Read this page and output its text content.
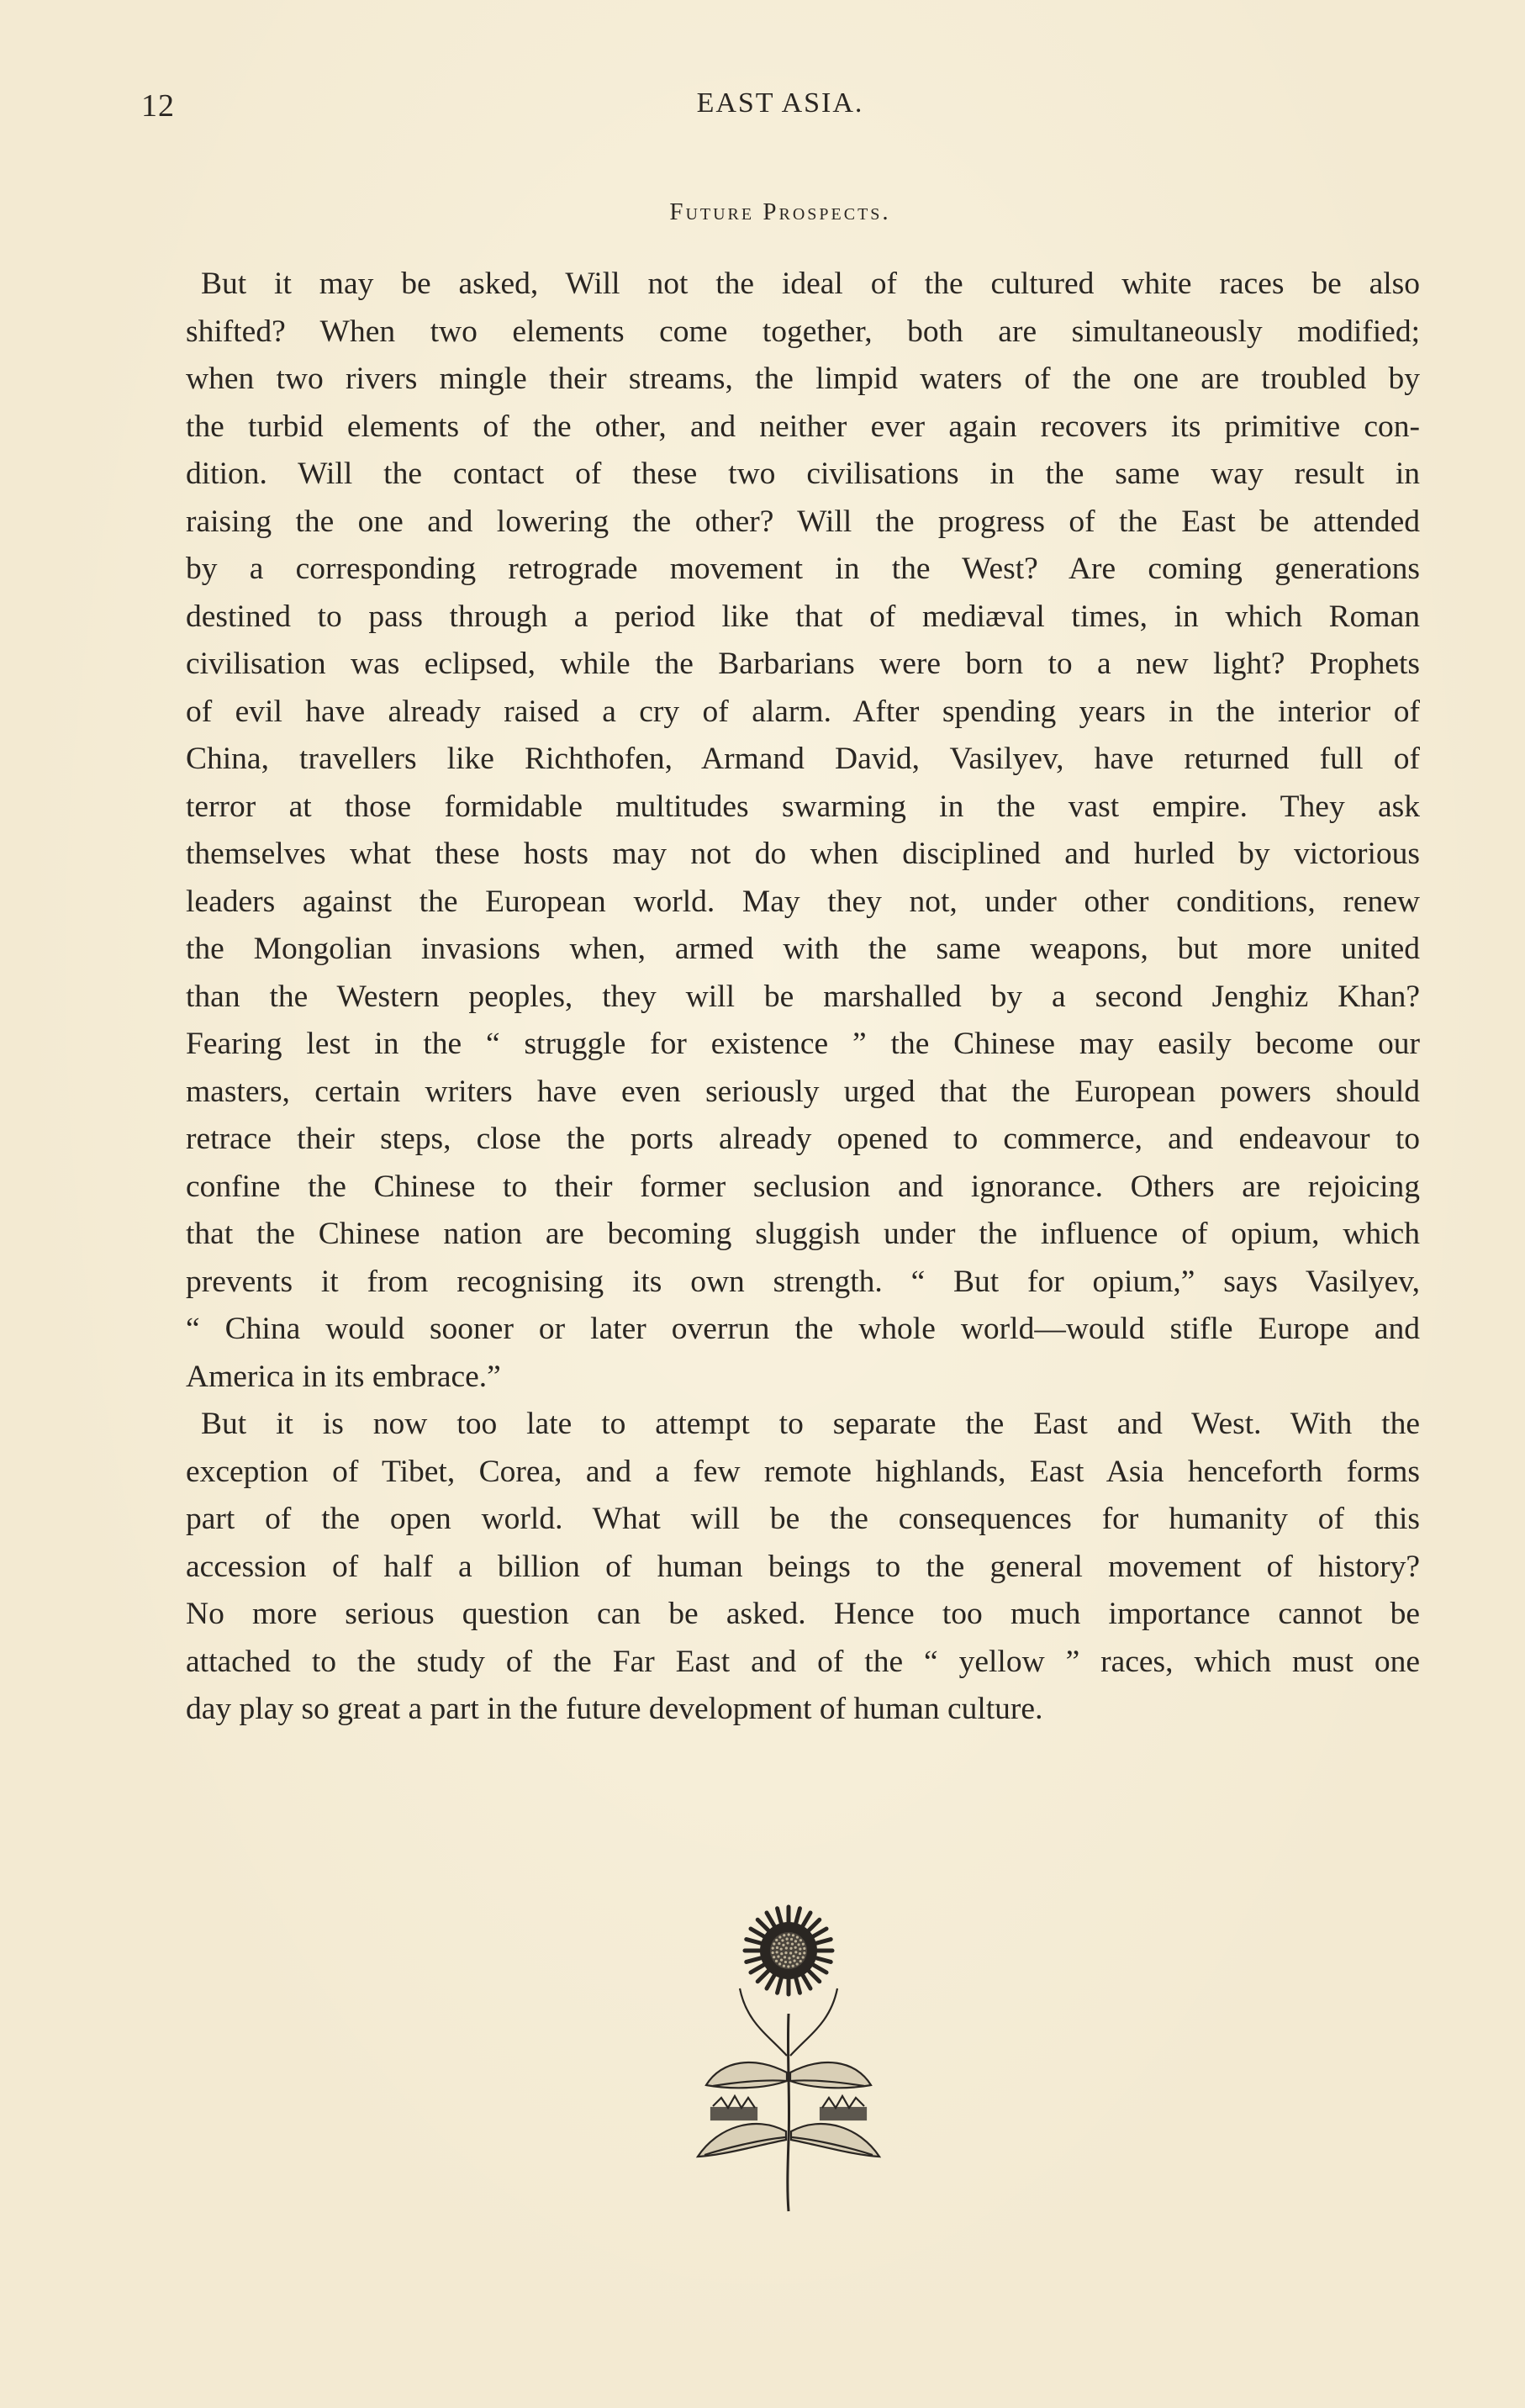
12	EAST ASIA.
Future Prospects.
But it may be asked, Will not the ideal of the cultured white races be also
shifted? When two elements come together, both are simultaneously modified;
when two rivers mingle their streams, the limpid waters of the one are troubled by
the turbid elements of the other, and neither ever again recovers its primitive con-
dition. Will the contact of these two civilisations in the same way result in
raising the one and lowering the other? Will the progress of the East be attended
by a corresponding retrograde movement in the West? Are coming generations
destined to pass through a period like that of mediæval times, in which Roman
civilisation was eclipsed, while the Barbarians were born to a new light? Prophets
of evil have already raised a cry of alarm. After spending years in the interior of
China, travellers like Richthofen, Armand David, Vasilyev, have returned full of
terror at those formidable multitudes swarming in the vast empire. They ask
themselves what these hosts may not do when disciplined and hurled by victorious
leaders against the European world. May they not, under other conditions, renew
the Mongolian invasions when, armed with the same weapons, but more united
than the Western peoples, they will be marshalled by a second Jenghiz Khan?
Fearing lest in the “ struggle for existence ” the Chinese may easily become our
masters, certain writers have even seriously urged that the European powers should
retrace their steps, close the ports already opened to commerce, and endeavour to
confine the Chinese to their former seclusion and ignorance. Others are rejoicing
that the Chinese nation are becoming sluggish under the influence of opium, which
prevents it from recognising its own strength. “ But for opium,” says Vasilyev,
“ China would sooner or later overrun the whole world—would stifle Europe and
America in its embrace.”
But it is now too late to attempt to separate the East and West. With the
exception of Tibet, Corea, and a few remote highlands, East Asia henceforth forms
part of the open world. What will be the consequences for humanity of this
accession of half a billion of human beings to the general movement of history?
No more serious question can be asked. Hence too much importance cannot be
attached to the study of the Far East and of the “ yellow ” races, which must one
day play so great a part in the future development of human culture.
